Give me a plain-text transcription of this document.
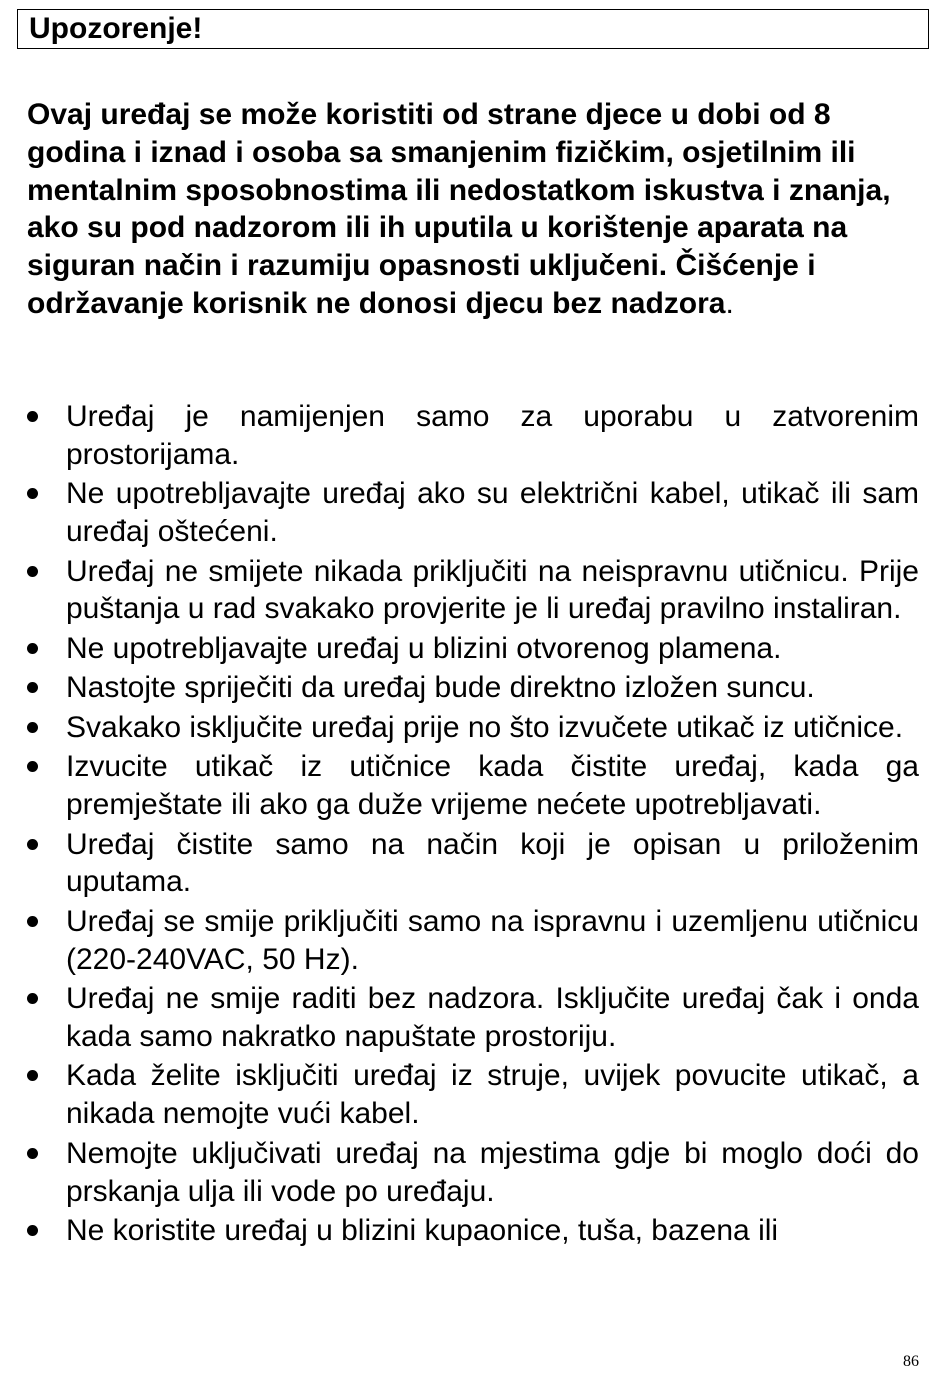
Upozorenje!

Ovaj uređaj se može koristiti od strane djece u dobi od 8 godina i iznad i osoba sa smanjenim fizičkim, osjetilnim ili mentalnim sposobnostima ili nedostatkom iskustva i znanja, ako su pod nadzorom ili ih uputila u korištenje aparata na siguran način i razumiju opasnosti uključeni. Čišćenje i održavanje korisnik ne donosi djecu bez nadzora.

Uređaj je namijenjen samo za uporabu u zatvorenim prostorijama.
Ne upotrebljavajte uređaj ako su električni kabel, utikač ili sam uređaj oštećeni.
Uređaj ne smijete nikada priključiti na neispravnu utičnicu. Prije puštanja u rad svakako provjerite je li uređaj pravilno instaliran.
Ne upotrebljavajte uređaj u blizini otvorenog plamena.
Nastojte spriječiti da uređaj bude direktno izložen suncu.
Svakako isključite uređaj prije no što izvučete utikač iz utičnice.
Izvucite utikač iz utičnice kada čistite uređaj, kada ga premještate ili ako ga duže vrijeme nećete upotrebljavati.
Uređaj čistite samo na način koji je opisan u priloženim uputama.
Uređaj se smije priključiti samo na ispravnu i uzemljenu utičnicu (220-240VAC, 50 Hz).
Uređaj ne smije raditi bez nadzora. Isključite uređaj čak i onda kada samo nakratko napuštate prostoriju.
Kada želite isključiti uređaj iz struje, uvijek povucite utikač, a nikada nemojte vući kabel.
Nemojte uključivati uređaj na mjestima gdje bi moglo doći do prskanja ulja ili vode po uređaju.
Ne koristite uređaj u blizini kupaonice, tuša, bazena ili
86
